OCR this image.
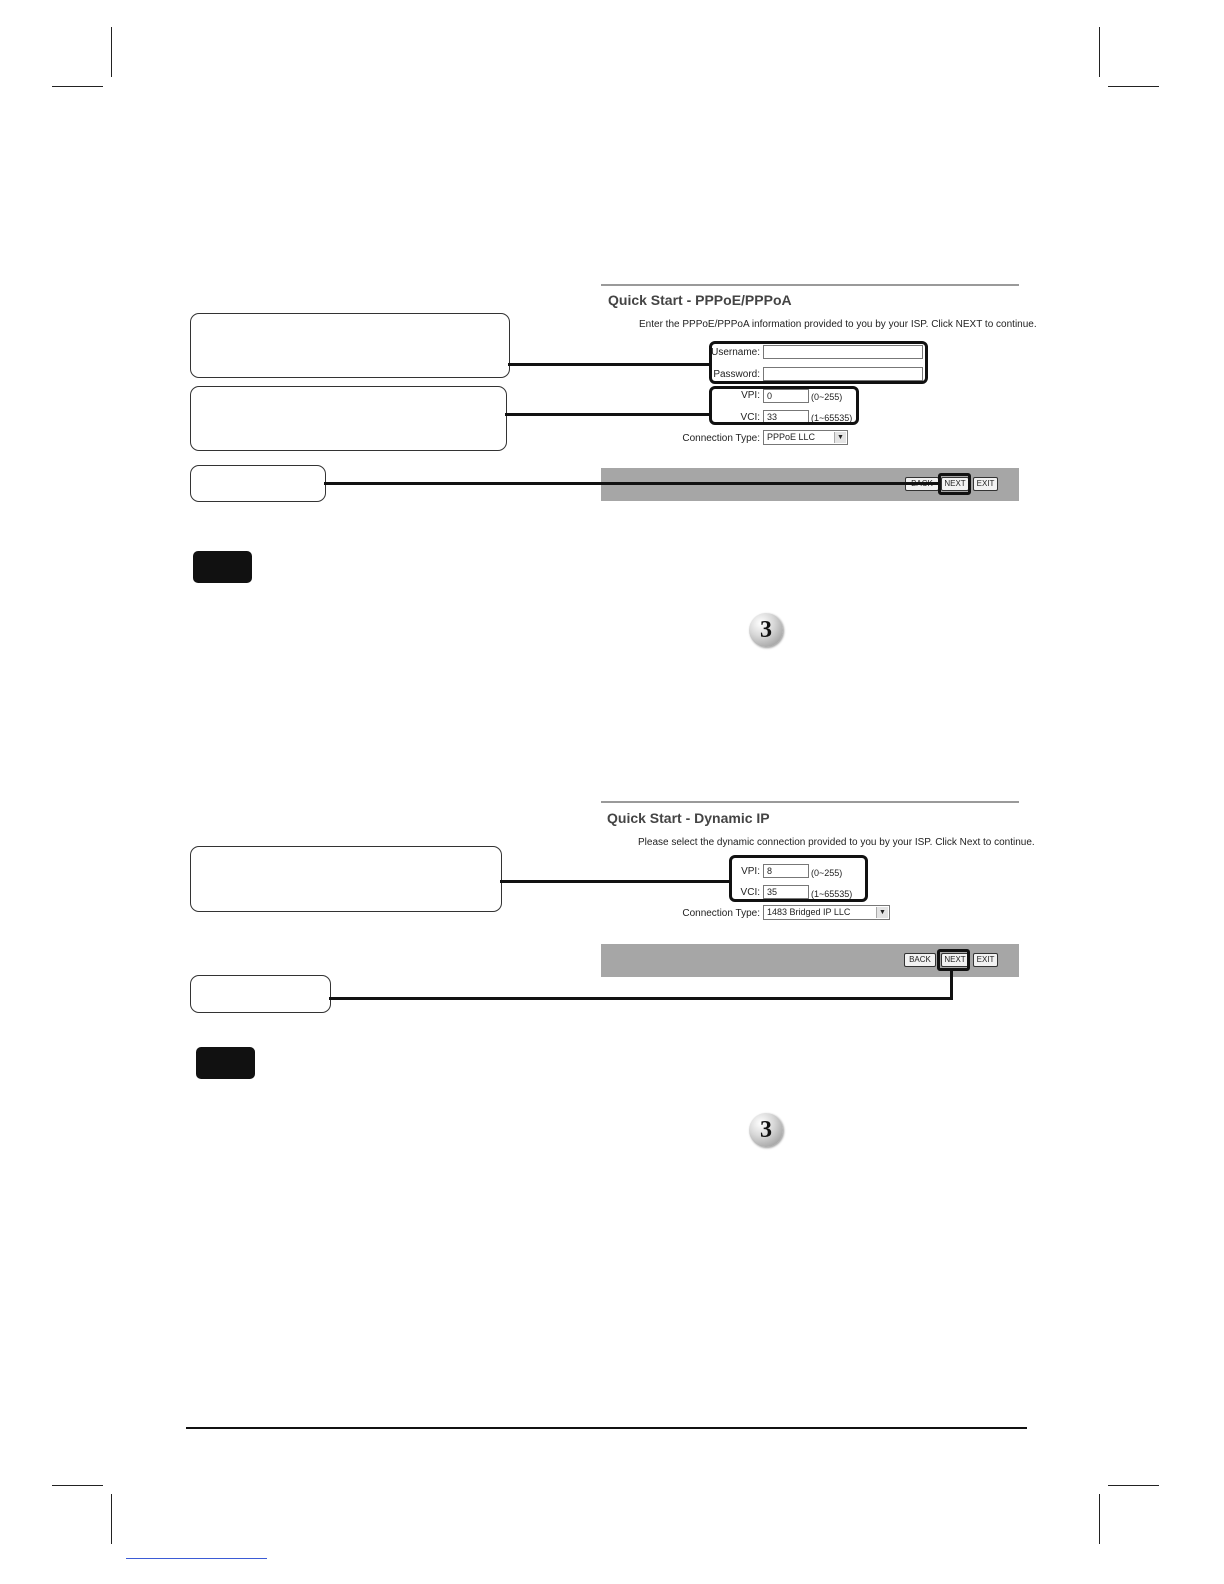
Quick Start - PPPoE/PPPoA
Enter the PPPoE/PPPoA information provided to you by your ISP. Click NEXT to continue.
Username:
Password:
VPI:
0	(0~255)
VCI:
33	(1~65535)
Connection Type: PPPoE LLC	▼
NEXT	EXIT
3
Quick Start - Dynamic IP
Please select the dynamic connection provided to you by your ISP. Click Next to continue.
VPI:
8	(0~255)
VCI:
35	(1~65535)
Connection Type: 1483 Bridged IP LLC	▼
BACK	NEXT	EXIT
3
